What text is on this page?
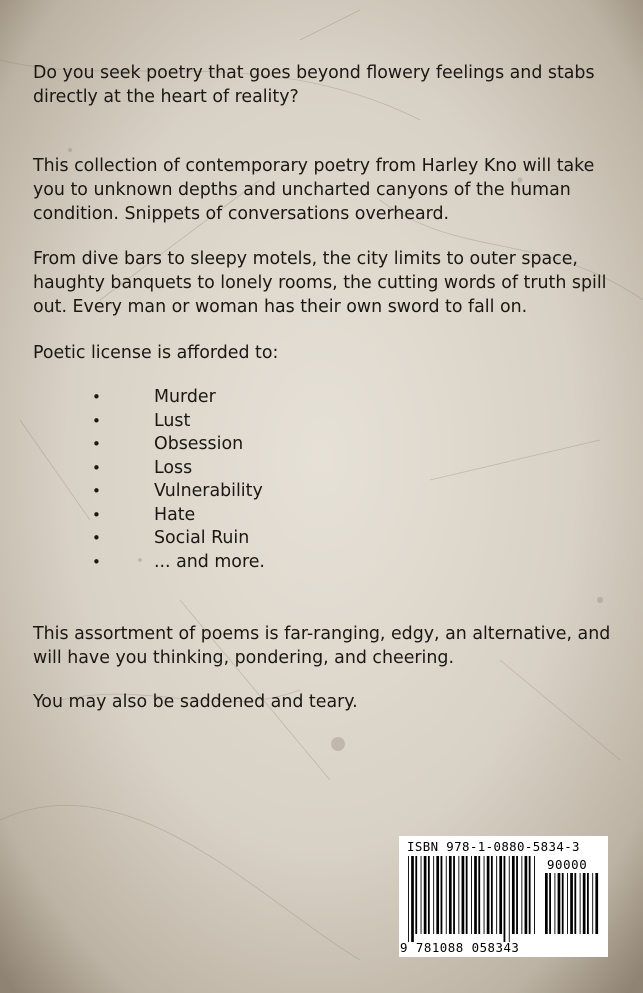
Do you seek poetry that goes beyond flowery feelings and stabs directly at the heart of reality?

This collection of contemporary poetry from Harley Kno will take you to unknown depths and uncharted canyons of the human condition. Snippets of conversations overheard.

From dive bars to sleepy motels, the city limits to outer space, haughty banquets to lonely rooms, the cutting words of truth spill out. Every man or woman has their own sword to fall on.

Poetic license is afforded to:

•	Murder
•	Lust
•	Obsession
•	Loss
•	Vulnerability
•	Hate
•	Social Ruin
•	... and more.

This assortment of poems is far-ranging, edgy, an alternative, and will have you thinking, pondering, and cheering.

You may also be saddened and teary.

ISBN 978-1-0880-5834-3
90000
9 781088 058343
